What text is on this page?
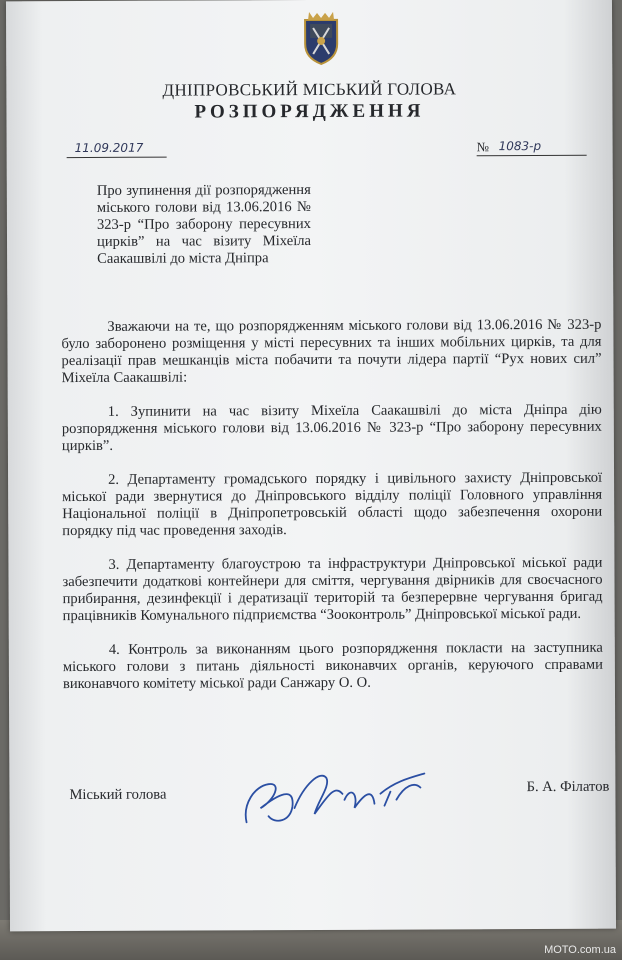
ДНІПРОВСЬКИЙ МІСЬКИЙ ГОЛОВА
РОЗПОРЯДЖЕННЯ
11.09.2017	№ 1083-р
Про зупинення дії розпорядження міського голови від 13.06.2016 № 323-р “Про заборону пересувних цирків” на час візиту Міхеїла Саакашвілі до міста Дніпра

Зважаючи на те, що розпорядженням міського голови від 13.06.2016 № 323-р було заборонено розміщення у місті пересувних та інших мобільних цирків, та для реалізації прав мешканців міста побачити та почути лідера партії “Рух нових сил” Міхеїла Саакашвілі:

1. Зупинити на час візиту Міхеїла Саакашвілі до міста Дніпра дію розпорядження міського голови від 13.06.2016 № 323-р “Про заборону пересувних цирків”.

2. Департаменту громадського порядку і цивільного захисту Дніпровської міської ради звернутися до Дніпровського відділу поліції Головного управління Національної поліції в Дніпропетровській області щодо забезпечення охорони порядку під час проведення заходів.

3. Департаменту благоустрою та інфраструктури Дніпровської міської ради забезпечити додаткові контейнери для сміття, чергування двірників для своєчасного прибирання, дезинфекції і дератизації територій та безперервне чергування бригад працівників Комунального підприємства “Зооконтроль” Дніпровської міської ради.

4. Контроль за виконанням цього розпорядження покласти на заступника міського голови з питань діяльності виконавчих органів, керуючого справами виконавчого комітету міської ради Санжару О. О.

Міський голова	Б. А. Філатов
MOTO.com.ua
